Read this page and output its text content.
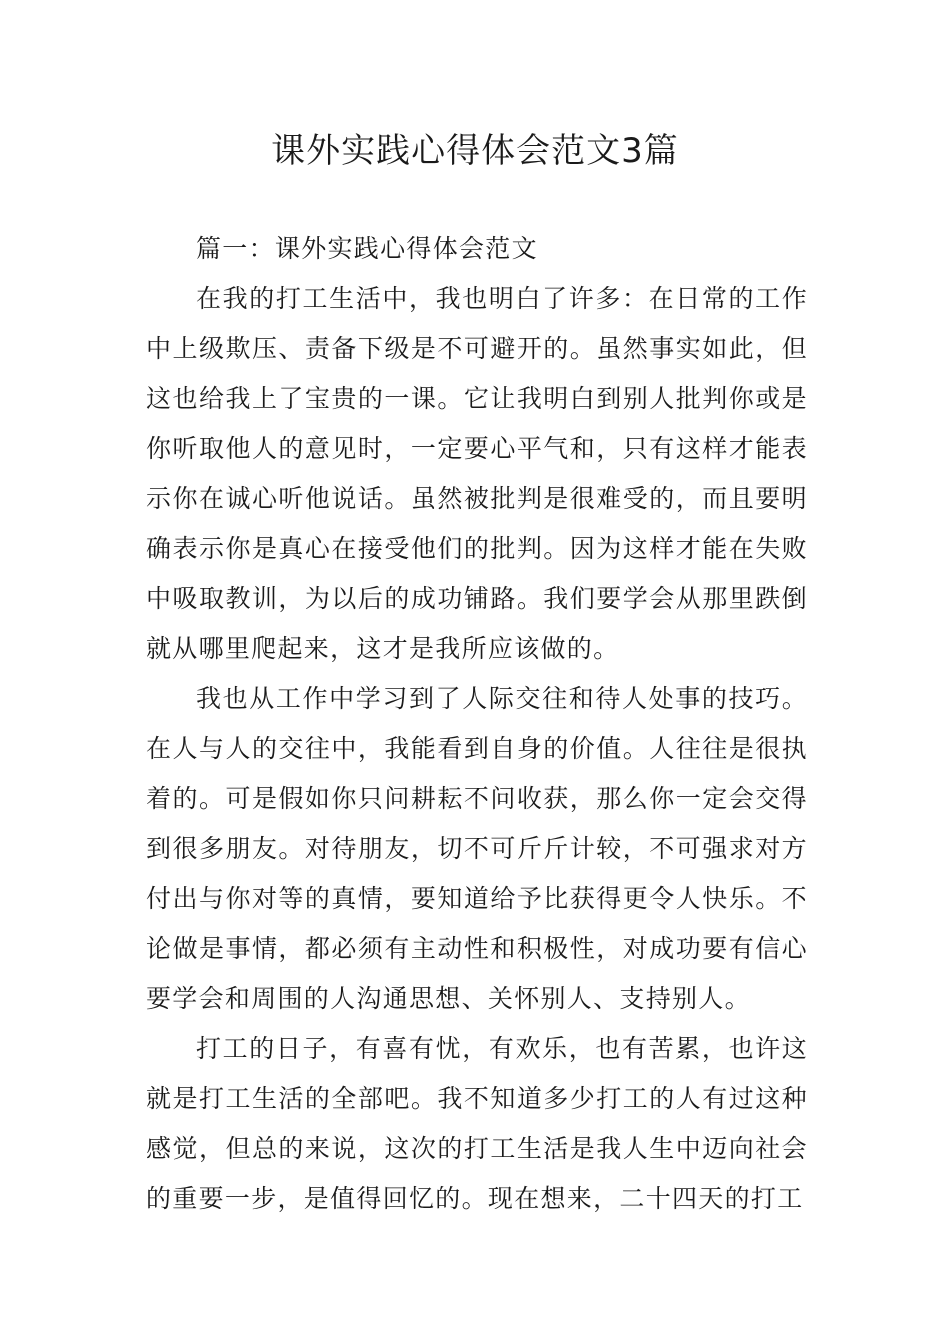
课外实践心得体会范文3篇

篇一：课外实践心得体会范文

在我的打工生活中，我也明白了许多：在日常的工作中上级欺压、责备下级是不可避开的。虽然事实如此，但这也给我上了宝贵的一课。它让我明白到别人批判你或是你听取他人的意见时，一定要心平气和，只有这样才能表示你在诚心听他说话。虽然被批判是很难受的，而且要明确表示你是真心在接受他们的批判。因为这样才能在失败中吸取教训，为以后的成功铺路。我们要学会从那里跌倒就从哪里爬起来，这才是我所应该做的。

我也从工作中学习到了人际交往和待人处事的技巧。在人与人的交往中，我能看到自身的价值。人往往是很执着的。可是假如你只问耕耘不问收获，那么你一定会交得到很多朋友。对待朋友，切不可斤斤计较，不可强求对方付出与你对等的真情，要知道给予比获得更令人快乐。不论做是事情，都必须有主动性和积极性，对成功要有信心要学会和周围的人沟通思想、关怀别人、支持别人。

打工的日子，有喜有忧，有欢乐，也有苦累，也许这就是打工生活的全部吧。我不知道多少打工的人有过这种感觉，但总的来说，这次的打工生活是我人生中迈向社会的重要一步，是值得回忆的。现在想来，二十四天的打工
